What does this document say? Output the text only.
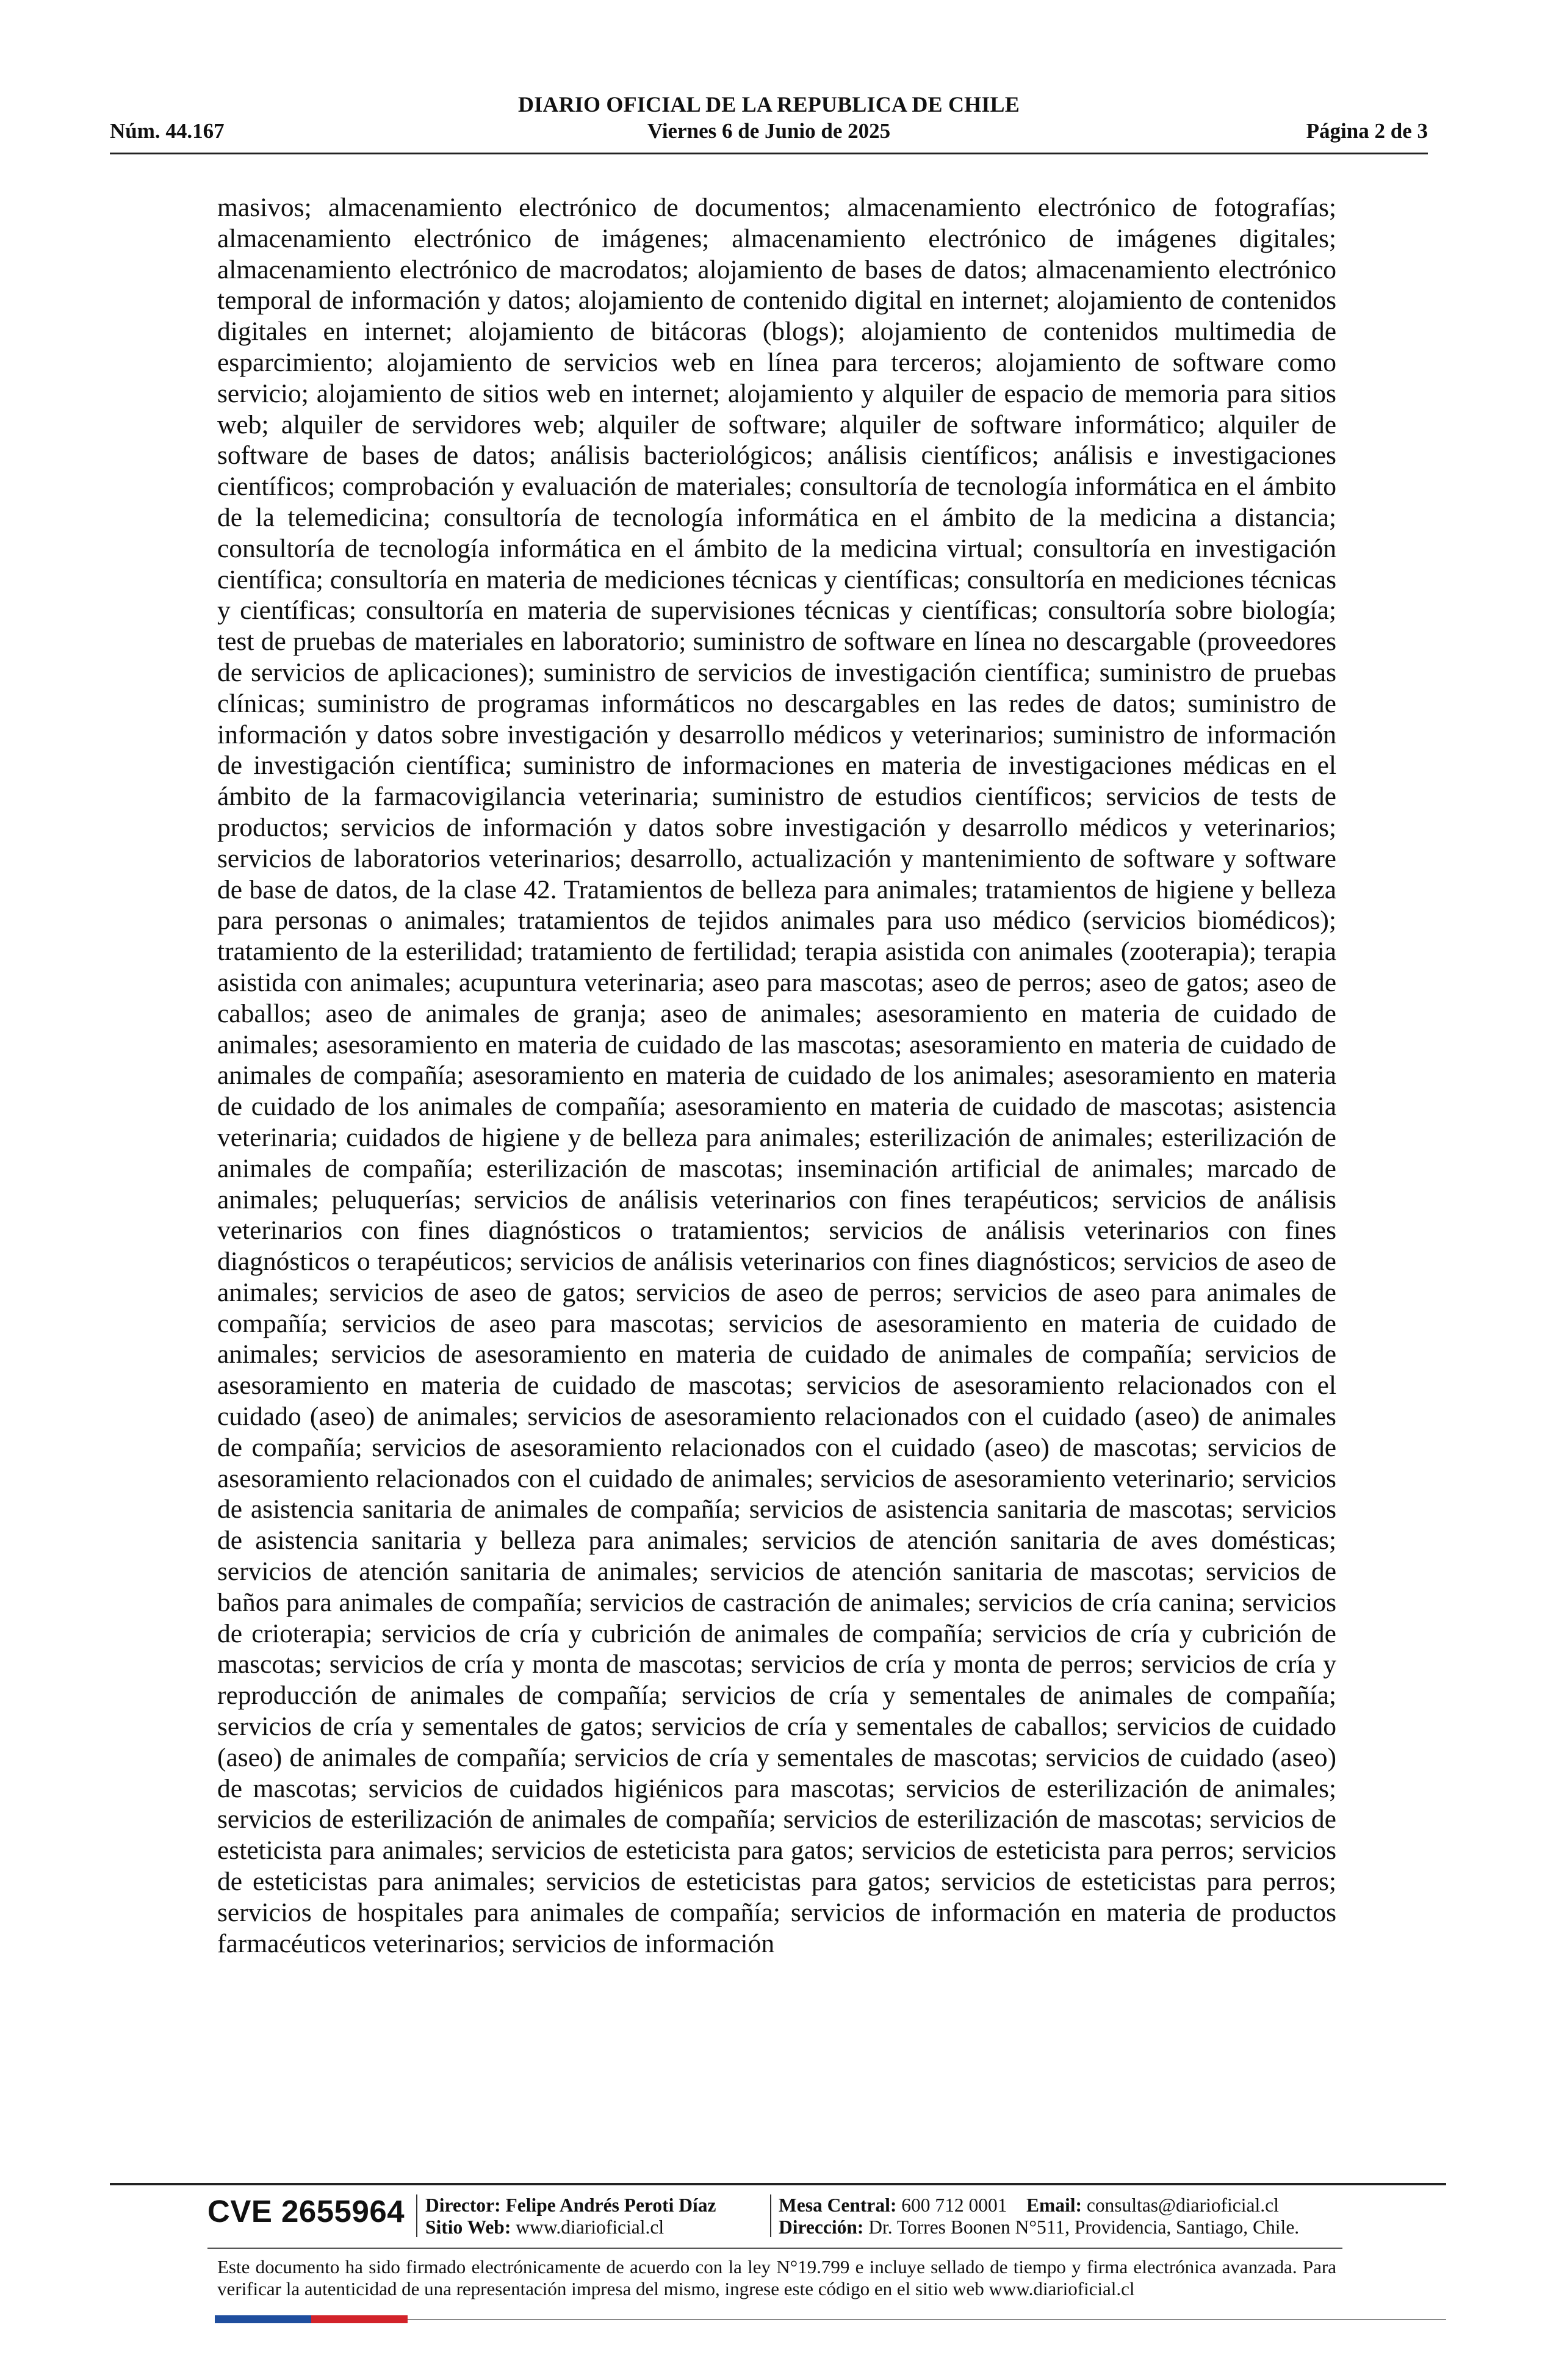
DIARIO OFICIAL DE LA REPUBLICA DE CHILE
Núm. 44.167	Viernes 6 de Junio de 2025	Página 2 de 3
masivos; almacenamiento electrónico de documentos; almacenamiento electrónico de fotografías; almacenamiento electrónico de imágenes; almacenamiento electrónico de imágenes digitales; almacenamiento electrónico de macrodatos; alojamiento de bases de datos; almacenamiento electrónico temporal de información y datos; alojamiento de contenido digital en internet; alojamiento de contenidos digitales en internet; alojamiento de bitácoras (blogs); alojamiento de contenidos multimedia de esparcimiento; alojamiento de servicios web en línea para terceros; alojamiento de software como servicio; alojamiento de sitios web en internet; alojamiento y alquiler de espacio de memoria para sitios web; alquiler de servidores web; alquiler de software; alquiler de software informático; alquiler de software de bases de datos; análisis bacteriológicos; análisis científicos; análisis e investigaciones científicos; comprobación y evaluación de materiales; consultoría de tecnología informática en el ámbito de la telemedicina; consultoría de tecnología informática en el ámbito de la medicina a distancia; consultoría de tecnología informática en el ámbito de la medicina virtual; consultoría en investigación científica; consultoría en materia de mediciones técnicas y científicas; consultoría en mediciones técnicas y científicas; consultoría en materia de supervisiones técnicas y científicas; consultoría sobre biología; test de pruebas de materiales en laboratorio; suministro de software en línea no descargable (proveedores de servicios de aplicaciones); suministro de servicios de investigación científica; suministro de pruebas clínicas; suministro de programas informáticos no descargables en las redes de datos; suministro de información y datos sobre investigación y desarrollo médicos y veterinarios; suministro de información de investigación científica; suministro de informaciones en materia de investigaciones médicas en el ámbito de la farmacovigilancia veterinaria; suministro de estudios científicos; servicios de tests de productos; servicios de información y datos sobre investigación y desarrollo médicos y veterinarios; servicios de laboratorios veterinarios; desarrollo, actualización y mantenimiento de software y software de base de datos, de la clase 42. Tratamientos de belleza para animales; tratamientos de higiene y belleza para personas o animales; tratamientos de tejidos animales para uso médico (servicios biomédicos); tratamiento de la esterilidad; tratamiento de fertilidad; terapia asistida con animales (zooterapia); terapia asistida con animales; acupuntura veterinaria; aseo para mascotas; aseo de perros; aseo de gatos; aseo de caballos; aseo de animales de granja; aseo de animales; asesoramiento en materia de cuidado de animales; asesoramiento en materia de cuidado de las mascotas; asesoramiento en materia de cuidado de animales de compañía; asesoramiento en materia de cuidado de los animales; asesoramiento en materia de cuidado de los animales de compañía; asesoramiento en materia de cuidado de mascotas; asistencia veterinaria; cuidados de higiene y de belleza para animales; esterilización de animales; esterilización de animales de compañía; esterilización de mascotas; inseminación artificial de animales; marcado de animales; peluquerías; servicios de análisis veterinarios con fines terapéuticos; servicios de análisis veterinarios con fines diagnósticos o tratamientos; servicios de análisis veterinarios con fines diagnósticos o terapéuticos; servicios de análisis veterinarios con fines diagnósticos; servicios de aseo de animales; servicios de aseo de gatos; servicios de aseo de perros; servicios de aseo para animales de compañía; servicios de aseo para mascotas; servicios de asesoramiento en materia de cuidado de animales; servicios de asesoramiento en materia de cuidado de animales de compañía; servicios de asesoramiento en materia de cuidado de mascotas; servicios de asesoramiento relacionados con el cuidado (aseo) de animales; servicios de asesoramiento relacionados con el cuidado (aseo) de animales de compañía; servicios de asesoramiento relacionados con el cuidado (aseo) de mascotas; servicios de asesoramiento relacionados con el cuidado de animales; servicios de asesoramiento veterinario; servicios de asistencia sanitaria de animales de compañía; servicios de asistencia sanitaria de mascotas; servicios de asistencia sanitaria y belleza para animales; servicios de atención sanitaria de aves domésticas; servicios de atención sanitaria de animales; servicios de atención sanitaria de mascotas; servicios de baños para animales de compañía; servicios de castración de animales; servicios de cría canina; servicios de crioterapia; servicios de cría y cubrición de animales de compañía; servicios de cría y cubrición de mascotas; servicios de cría y monta de mascotas; servicios de cría y monta de perros; servicios de cría y reproducción de animales de compañía; servicios de cría y sementales de animales de compañía; servicios de cría y sementales de gatos; servicios de cría y sementales de caballos; servicios de cuidado (aseo) de animales de compañía; servicios de cría y sementales de mascotas; servicios de cuidado (aseo) de mascotas; servicios de cuidados higiénicos para mascotas; servicios de esterilización de animales; servicios de esterilización de animales de compañía; servicios de esterilización de mascotas; servicios de esteticista para animales; servicios de esteticista para gatos; servicios de esteticista para perros; servicios de esteticistas para animales; servicios de esteticistas para gatos; servicios de esteticistas para perros; servicios de hospitales para animales de compañía; servicios de información en materia de productos farmacéuticos veterinarios; servicios de información
CVE 2655964 Director: Felipe Andrés Peroti Díaz
Sitio Web: www.diarioficial.cl
Mesa Central: 600 712 0001 Email: consultas@diarioficial.cl
Dirección: Dr. Torres Boonen N°511, Providencia, Santiago, Chile.
Este documento ha sido firmado electrónicamente de acuerdo con la ley N°19.799 e incluye sellado de tiempo y firma electrónica avanzada. Para verificar la autenticidad de una representación impresa del mismo, ingrese este código en el sitio web www.diarioficial.cl
